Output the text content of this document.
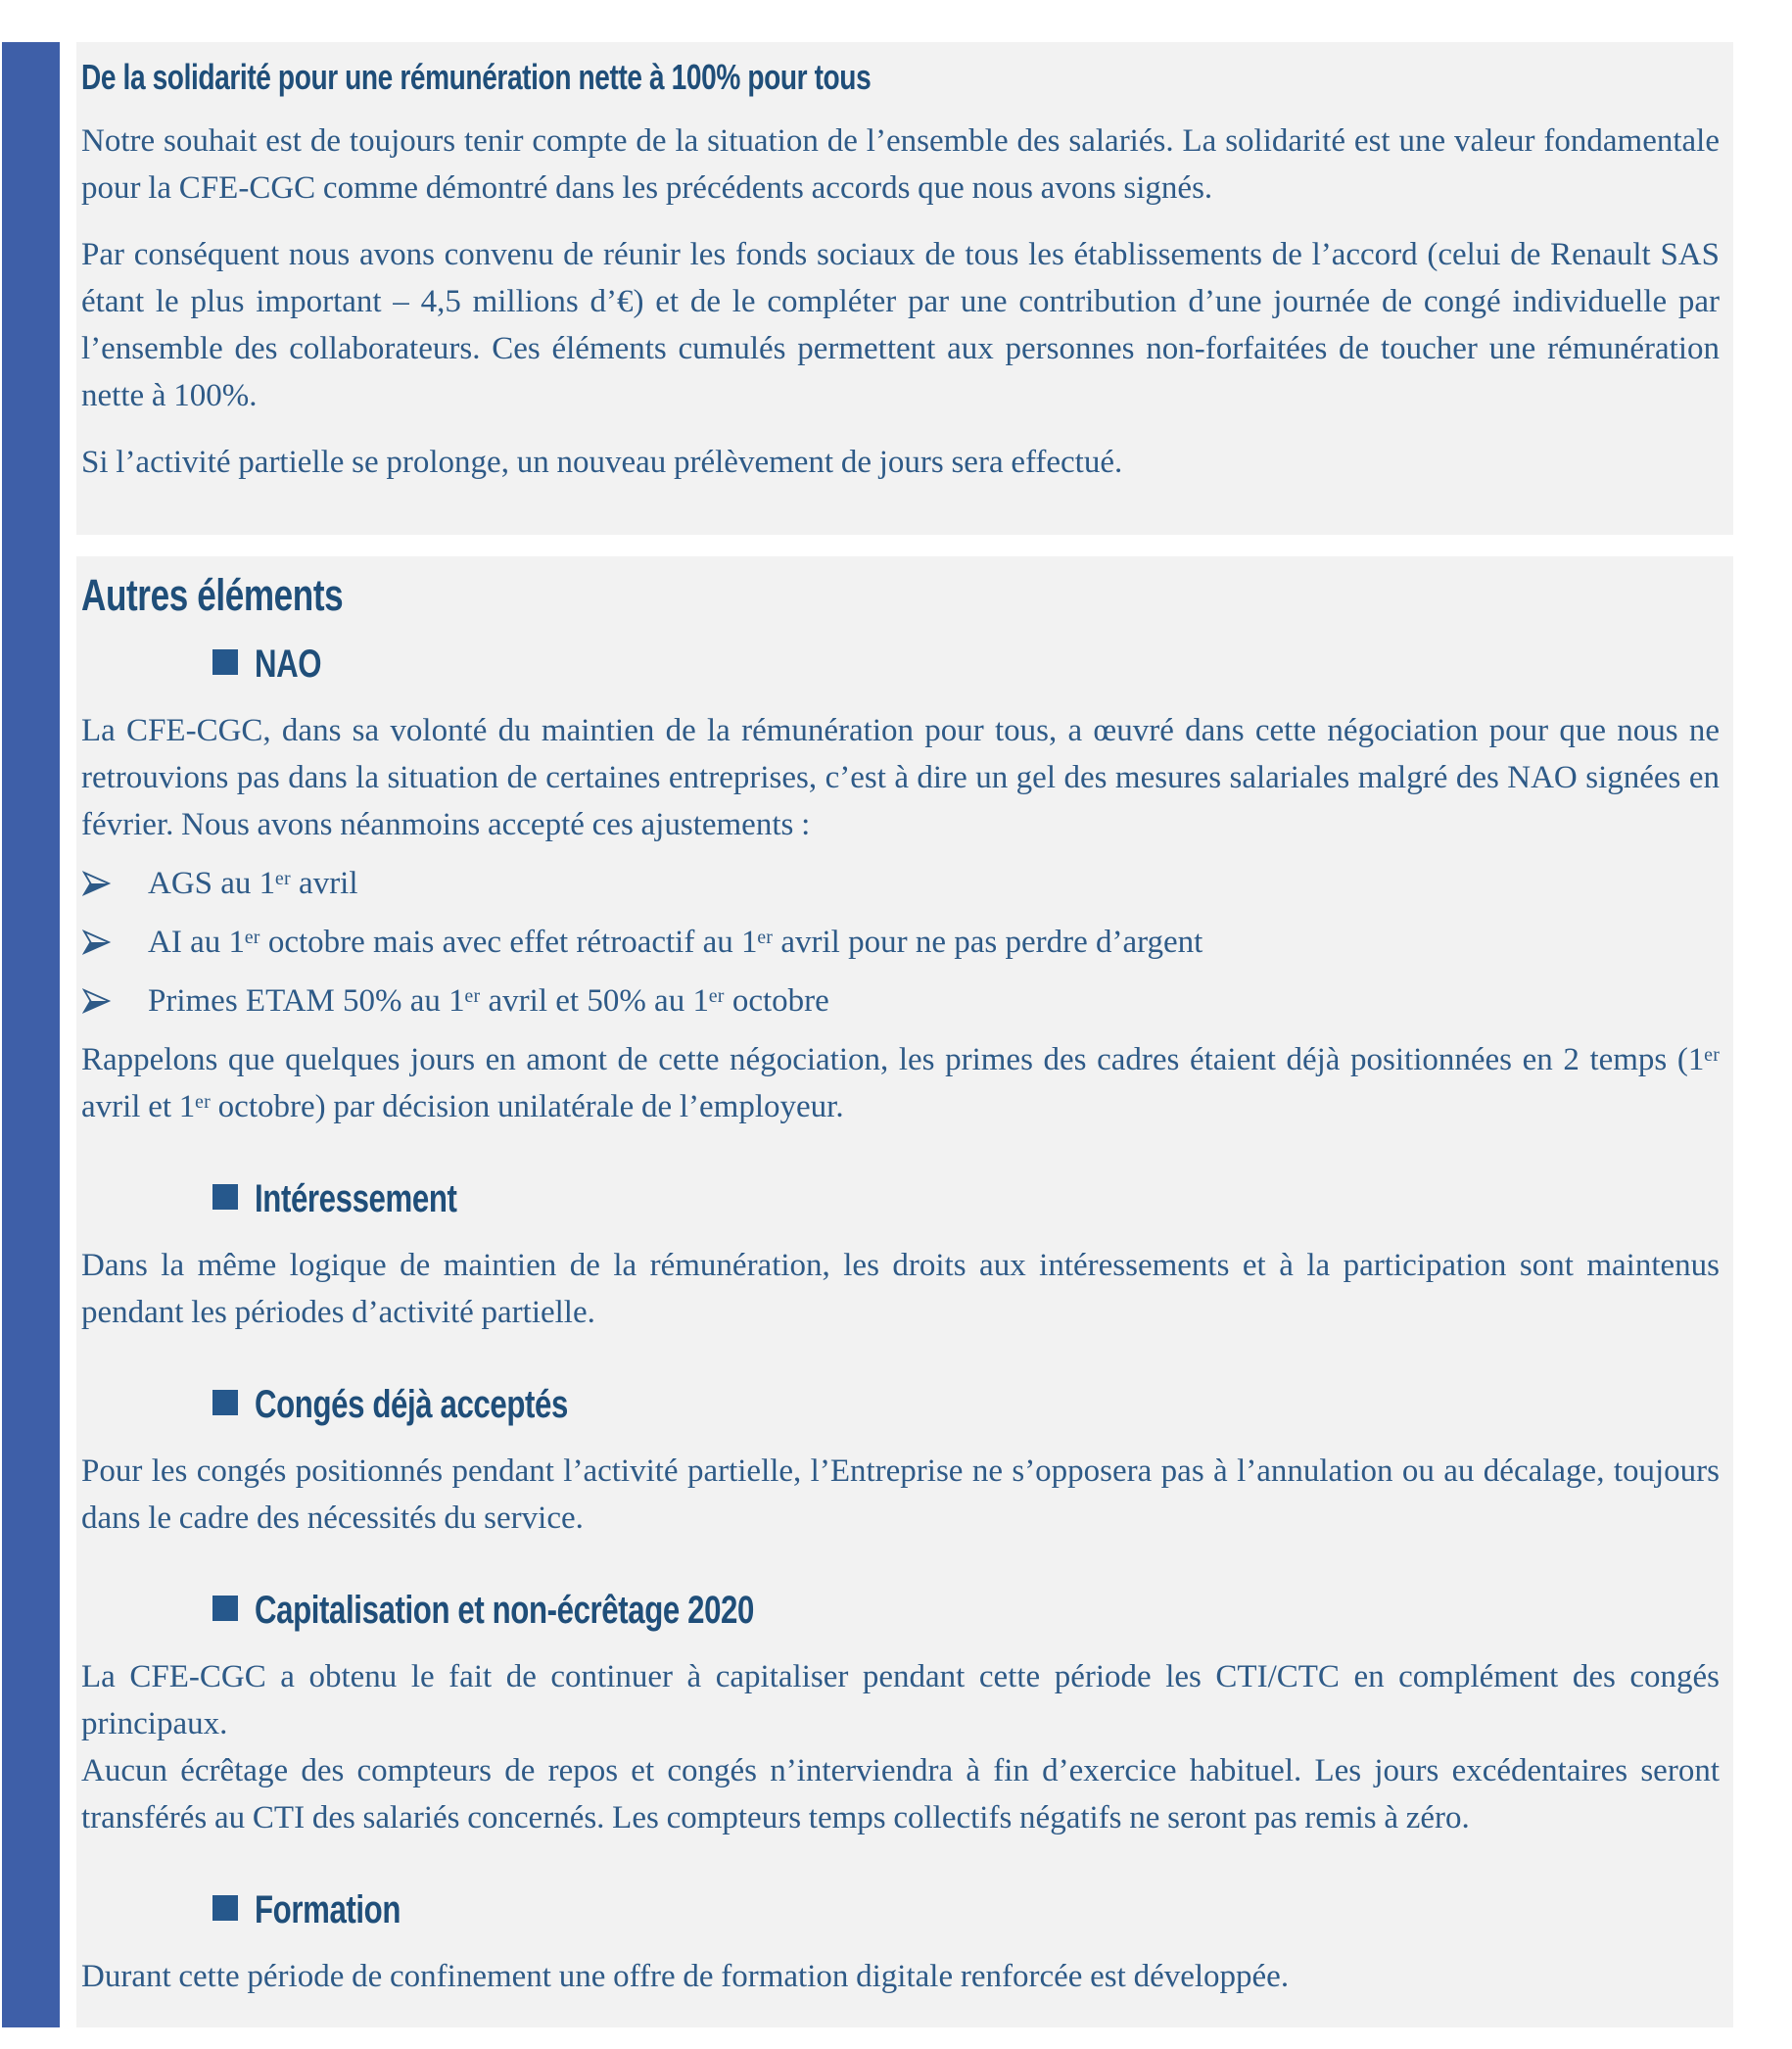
De la solidarité pour une rémunération nette à 100% pour tous

Notre souhait est de toujours tenir compte de la situation de l’ensemble des salariés. La solidarité est une valeur fondamentale pour la CFE-CGC comme démontré dans les précédents accords que nous avons signés.

Par conséquent nous avons convenu de réunir les fonds sociaux de tous les établissements de l’accord (celui de Renault SAS étant le plus important – 4,5 millions d’€) et de le compléter par une contribution d’une journée de congé individuelle par l’ensemble des collaborateurs. Ces éléments cumulés permettent aux personnes non-forfaitées de toucher une rémunération nette à 100%.

Si l’activité partielle se prolonge, un nouveau prélèvement de jours sera effectué.

Autres éléments
NAO

La CFE-CGC, dans sa volonté du maintien de la rémunération pour tous, a œuvré dans cette négociation pour que nous ne retrouvions pas dans la situation de certaines entreprises, c’est à dire un gel des mesures salariales malgré des NAO signées en février. Nous avons néanmoins accepté ces ajustements :

AGS au 1ᵉʳ avril
AI au 1ᵉʳ octobre mais avec effet rétroactif au 1ᵉʳ avril pour ne pas perdre d’argent
Primes ETAM 50% au 1ᵉʳ avril et 50% au 1ᵉʳ octobre

Rappelons que quelques jours en amont de cette négociation, les primes des cadres étaient déjà positionnées en 2 temps (1ᵉʳ avril et 1ᵉʳ octobre) par décision unilatérale de l’employeur.

Intéressement

Dans la même logique de maintien de la rémunération, les droits aux intéressements et à la participation sont maintenus pendant les périodes d’activité partielle.

Congés déjà acceptés

Pour les congés positionnés pendant l’activité partielle, l’Entreprise ne s’opposera pas à l’annulation ou au décalage, toujours dans le cadre des nécessités du service.

Capitalisation et non-écrêtage 2020

La CFE-CGC a obtenu le fait de continuer à capitaliser pendant cette période les CTI/CTC en complément des congés principaux.

Aucun écrêtage des compteurs de repos et congés n’interviendra à fin d’exercice habituel. Les jours excédentaires seront transférés au CTI des salariés concernés. Les compteurs temps collectifs négatifs ne seront pas remis à zéro.

Formation

Durant cette période de confinement une offre de formation digitale renforcée est développée.
